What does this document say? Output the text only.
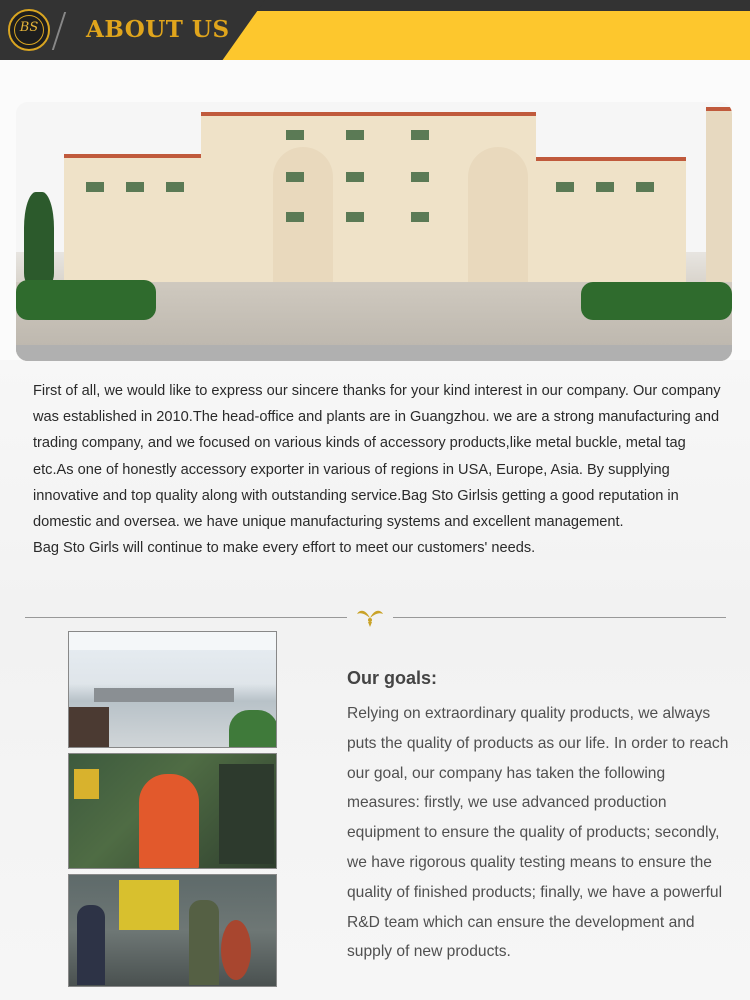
BS	ABOUT US

First of all, we would like to express our sincere thanks for your kind interest in our company. Our company was established in 2010.The head-office and plants are in Guangzhou. we are a strong manufacturing and trading company, and we focused on various kinds of accessory products,like metal buckle, metal tag etc.As one of honestly accessory exporter in various of regions in USA, Europe, Asia. By supplying innovative and top quality along with outstanding service.Bag Sto Girlsis getting a good reputation in domestic and oversea. we have unique manufacturing systems and excellent management.

Bag Sto Girls will continue to make every effort to meet our customers' needs.

Our goals:
Relying on extraordinary quality products, we always puts the quality of products as our life. In order to reach our goal, our company has taken the following measures: firstly, we use advanced production equipment to ensure the quality of products; secondly, we have rigorous quality testing means to ensure the quality of finished products; finally, we have a powerful R&D team which can ensure the development and supply of new products.
